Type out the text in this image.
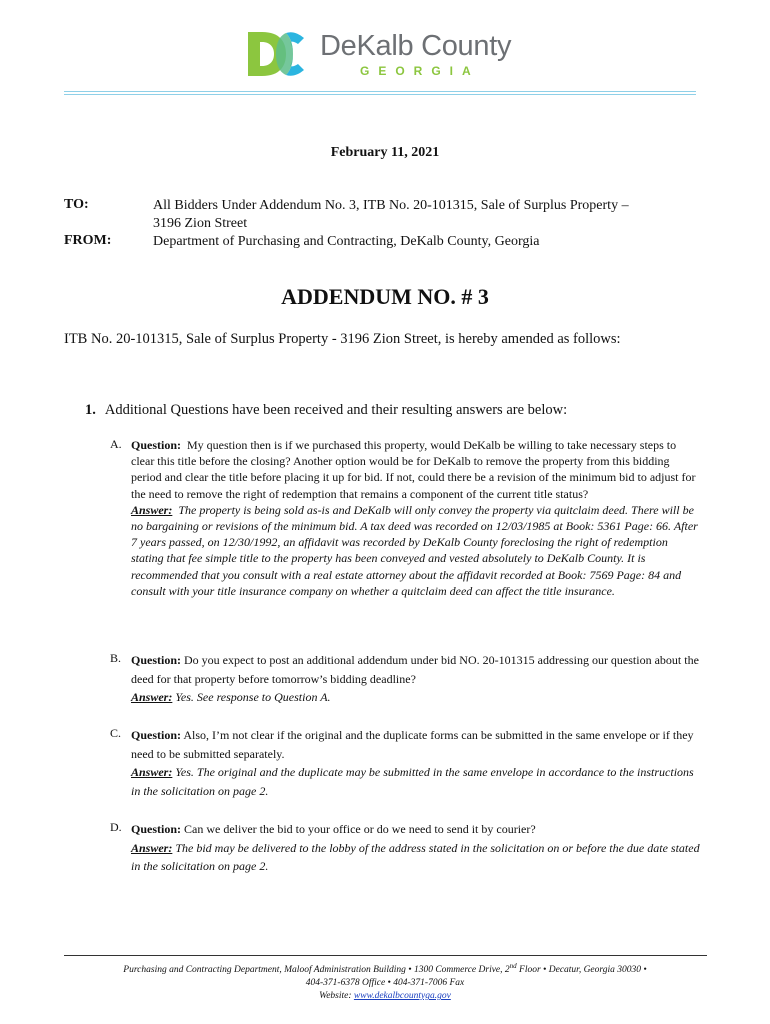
DeKalb County
GEORGIA
February 11, 2021
TO:	All Bidders Under Addendum No. 3, ITB No. 20-101315, Sale of Surplus Property –
3196 Zion Street
FROM:	Department of Purchasing and Contracting, DeKalb County, Georgia
ADDENDUM NO. # 3
ITB No. 20-101315, Sale of Surplus Property - 3196 Zion Street, is hereby amended as follows:
1. Additional Questions have been received and their resulting answers are below:
A. Question: My question then is if we purchased this property, would DeKalb be willing to take necessary steps to clear this title before the closing? Another option would be for DeKalb to remove the property from this bidding period and clear the title before placing it up for bid. If not, could there be a revision of the minimum bid to adjust for the need to remove the right of redemption that remains a component of the current title status?
Answer: The property is being sold as-is and DeKalb will only convey the property via quitclaim deed. There will be no bargaining or revisions of the minimum bid. A tax deed was recorded on 12/03/1985 at Book: 5361 Page: 66. After 7 years passed, on 12/30/1992, an affidavit was recorded by DeKalb County foreclosing the right of redemption stating that fee simple title to the property has been conveyed and vested absolutely to DeKalb County. It is recommended that you consult with a real estate attorney about the affidavit recorded at Book: 7569 Page: 84 and consult with your title insurance company on whether a quitclaim deed can affect the title insurance.
B. Question: Do you expect to post an additional addendum under bid NO. 20-101315 addressing our question about the deed for that property before tomorrow’s bidding deadline?
Answer: Yes. See response to Question A.
C. Question: Also, I’m not clear if the original and the duplicate forms can be submitted in the same envelope or if they need to be submitted separately.
Answer: Yes. The original and the duplicate may be submitted in the same envelope in accordance to the instructions in the solicitation on page 2.
D. Question: Can we deliver the bid to your office or do we need to send it by courier?
Answer: The bid may be delivered to the lobby of the address stated in the solicitation on or before the due date stated in the solicitation on page 2.
Purchasing and Contracting Department, Maloof Administration Building • 1300 Commerce Drive, 2nd Floor • Decatur, Georgia 30030 •
404-371-6378 Office • 404-371-7006 Fax
Website: www.dekalbcountyga.gov
